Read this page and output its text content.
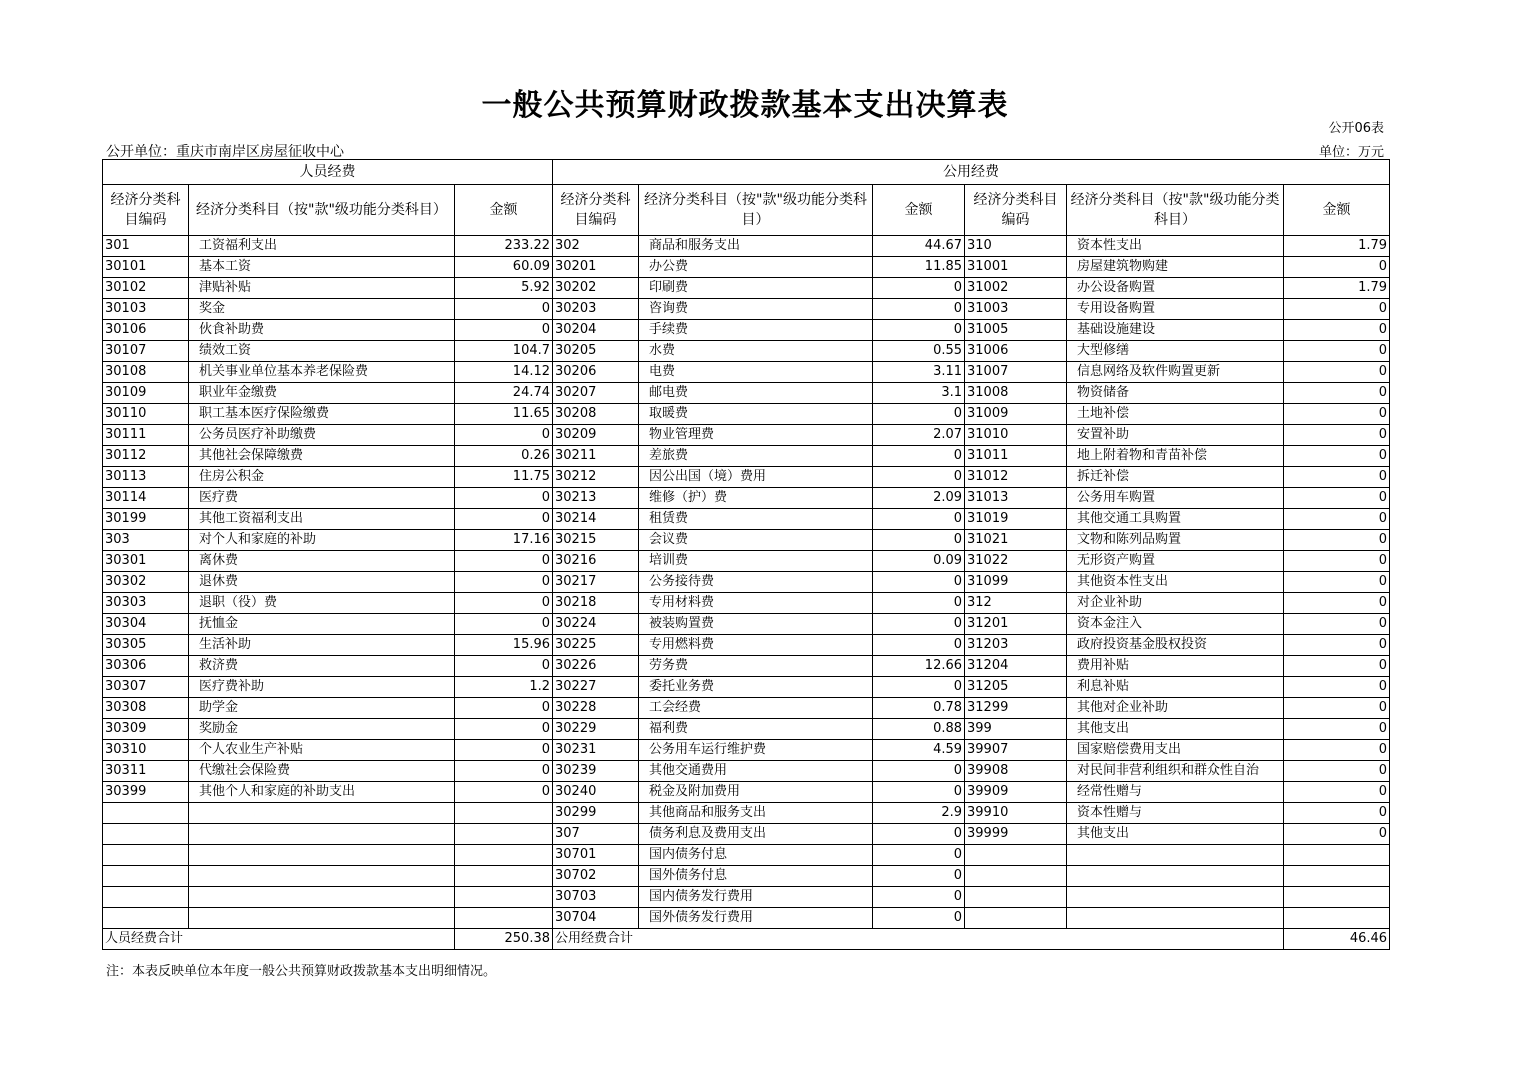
一般公共预算财政拨款基本支出决算表
公开06表
公开单位：重庆市南岸区房屋征收中心	单位：万元
人员经费			公用经费					
经济分类科目编码	经济分类科目（按"款"级功能分类科目）	金额	经济分类科目编码	经济分类科目（按"款"级功能分类科目）	金额	经济分类科目编码	经济分类科目（按"款"级功能分类科目）	金额
301	工资福利支出	233.22	302	商品和服务支出	44.67	310	资本性支出	1.79
30101	基本工资	60.09	30201	办公费	11.85	31001	房屋建筑物购建	0
30102	津贴补贴	5.92	30202	印刷费	0	31002	办公设备购置	1.79
30103	奖金	0	30203	咨询费	0	31003	专用设备购置	0
30106	伙食补助费	0	30204	手续费	0	31005	基础设施建设	0
30107	绩效工资	104.7	30205	水费	0.55	31006	大型修缮	0
30108	机关事业单位基本养老保险费	14.12	30206	电费	3.11	31007	信息网络及软件购置更新	0
30109	职业年金缴费	24.74	30207	邮电费	3.1	31008	物资储备	0
30110	职工基本医疗保险缴费	11.65	30208	取暖费	0	31009	土地补偿	0
30111	公务员医疗补助缴费	0	30209	物业管理费	2.07	31010	安置补助	0
30112	其他社会保障缴费	0.26	30211	差旅费	0	31011	地上附着物和青苗补偿	0
30113	住房公积金	11.75	30212	因公出国（境）费用	0	31012	拆迁补偿	0
30114	医疗费	0	30213	维修（护）费	2.09	31013	公务用车购置	0
30199	其他工资福利支出	0	30214	租赁费	0	31019	其他交通工具购置	0
303	对个人和家庭的补助	17.16	30215	会议费	0	31021	文物和陈列品购置	0
30301	离休费	0	30216	培训费	0.09	31022	无形资产购置	0
30302	退休费	0	30217	公务接待费	0	31099	其他资本性支出	0
30303	退职（役）费	0	30218	专用材料费	0	312	对企业补助	0
30304	抚恤金	0	30224	被装购置费	0	31201	资本金注入	0
30305	生活补助	15.96	30225	专用燃料费	0	31203	政府投资基金股权投资	0
30306	救济费	0	30226	劳务费	12.66	31204	费用补贴	0
30307	医疗费补助	1.2	30227	委托业务费	0	31205	利息补贴	0
30308	助学金	0	30228	工会经费	0.78	31299	其他对企业补助	0
30309	奖励金	0	30229	福利费	0.88	399	其他支出	0
30310	个人农业生产补贴	0	30231	公务用车运行维护费	4.59	39907	国家赔偿费用支出	0
30311	代缴社会保险费	0	30239	其他交通费用	0	39908	对民间非营利组织和群众性自治	0
30399	其他个人和家庭的补助支出	0	30240	税金及附加费用	0	39909	经常性赠与	0
			30299	其他商品和服务支出	2.9	39910	资本性赠与	0
			307	债务利息及费用支出	0	39999	其他支出	0
			30701	国内债务付息	0			
			30702	国外债务付息	0			
			30703	国内债务发行费用	0			
			30704	国外债务发行费用	0			
人员经费合计		250.38	公用经费合计					46.46
注：本表反映单位本年度一般公共预算财政拨款基本支出明细情况。
